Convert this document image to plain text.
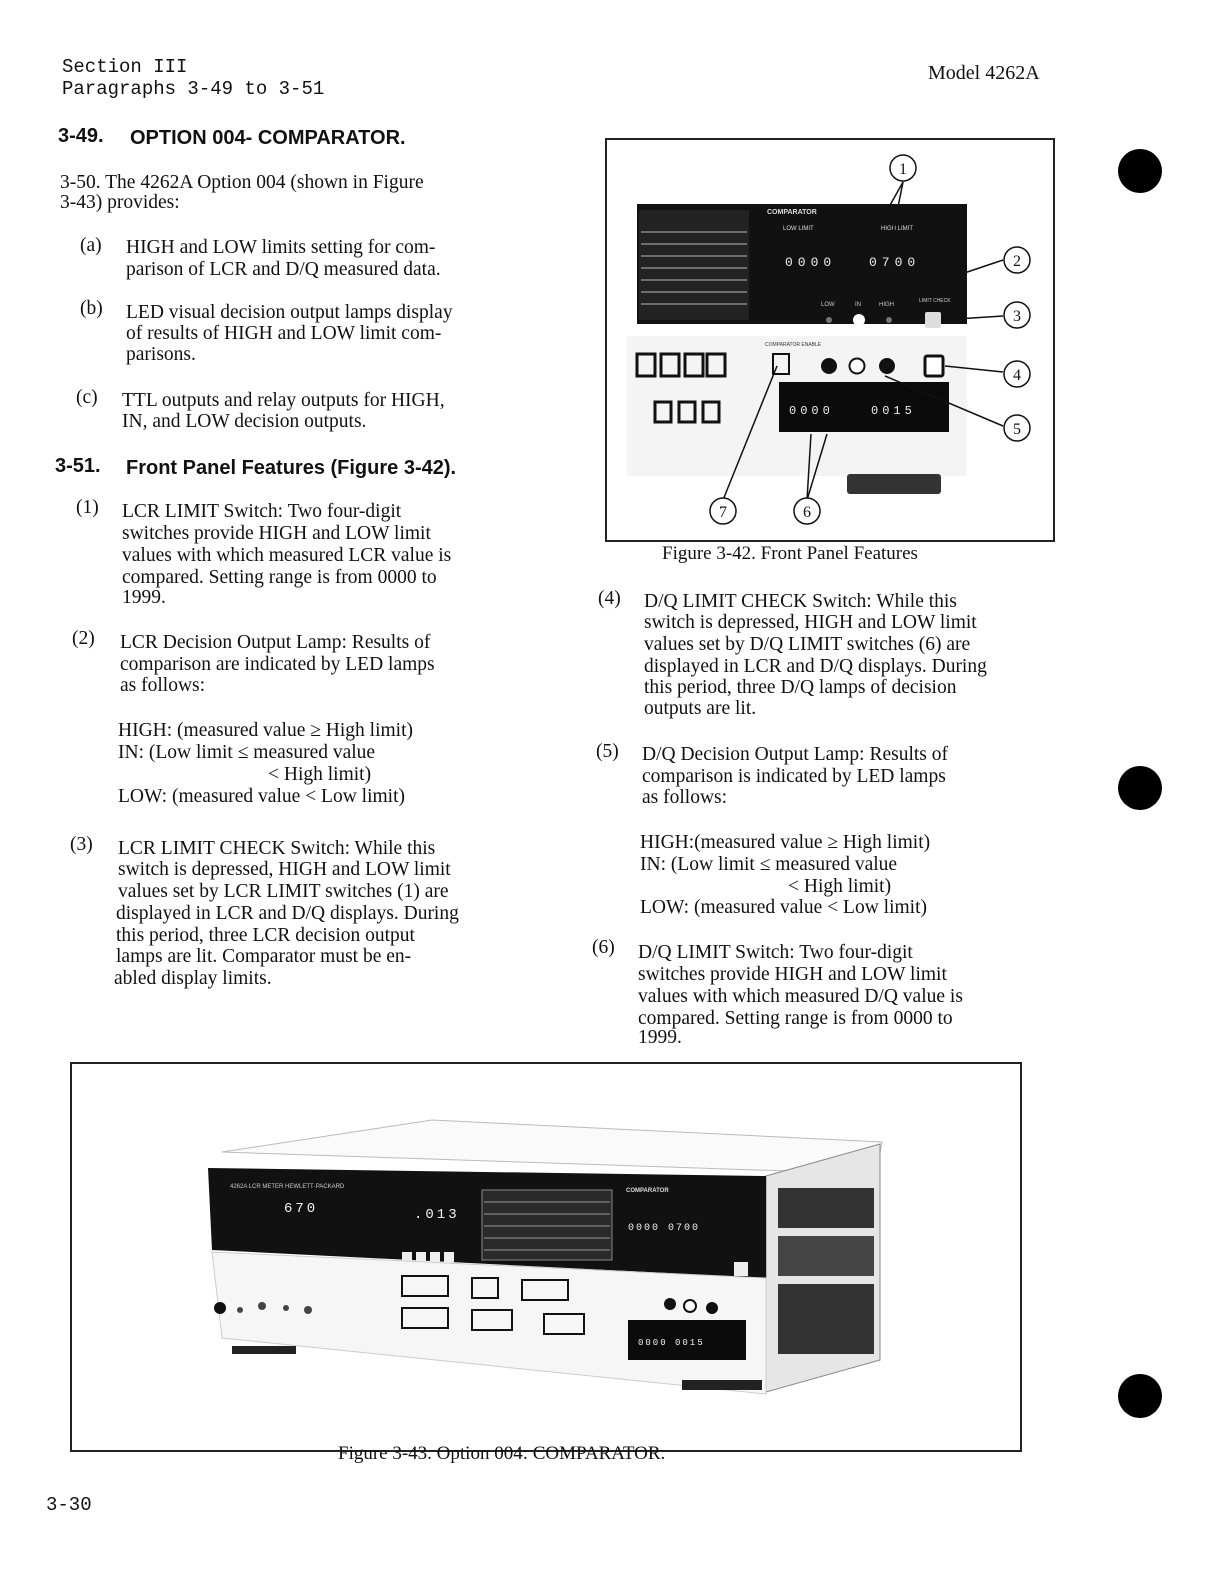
Section III
Paragraphs 3-49 to 3-51
Model 4262A
3-49. OPTION 004- COMPARATOR.
3-50. The 4262A Option 004 (shown in Figure
3-43) provides:
(a) HIGH and LOW limits setting for com-
parison of LCR and D/Q measured data.
(b) LED visual decision output lamps display
of results of HIGH and LOW limit com-
parisons.
(c) TTL outputs and relay outputs for HIGH,
IN, and LOW decision outputs.
3-51. Front Panel Features (Figure 3-42).
(1) LCR LIMIT Switch: Two four-digit
switches provide HIGH and LOW limit
values with which measured LCR value is
compared. Setting range is from 0000 to
1999.
(2) LCR Decision Output Lamp: Results of
comparison are indicated by LED lamps
as follows:
HIGH: (measured value ≥ High limit)
IN: (Low limit ≤ measured value
< High limit)
LOW: (measured value < Low limit)
(3) LCR LIMIT CHECK Switch: While this
switch is depressed, HIGH and LOW limit
values set by LCR LIMIT switches (1) are
displayed in LCR and D/Q displays. During
this period, three LCR decision output
lamps are lit. Comparator must be en-
abled display limits.
COMPARATOR
LOW LIMIT	HIGH LIMIT
0000	0700
LOW	IN	HIGH
LIMIT CHECK
COMPARATOR ENABLE
0000	0015
1
2
3
4
5
6
7
Figure 3-42. Front Panel Features
(4) D/Q LIMIT CHECK Switch: While this
switch is depressed, HIGH and LOW limit
values set by D/Q LIMIT switches (6) are
displayed in LCR and D/Q displays. During
this period, three D/Q lamps of decision
outputs are lit.
(5) D/Q Decision Output Lamp: Results of
comparison is indicated by LED lamps
as follows:
HIGH:(measured value ≥ High limit)
IN: (Low limit ≤ measured value
< High limit)
LOW: (measured value < Low limit)
(6) D/Q LIMIT Switch: Two four-digit
switches provide HIGH and LOW limit
values with which measured D/Q value is
compared. Setting range is from 0000 to
1999.
4262A LCR METER HEWLETT·PACKARD
670	.013
COMPARATOR
0000 0700
0000 0015
Figure 3-43. Option 004: COMPARATOR.
3-30
